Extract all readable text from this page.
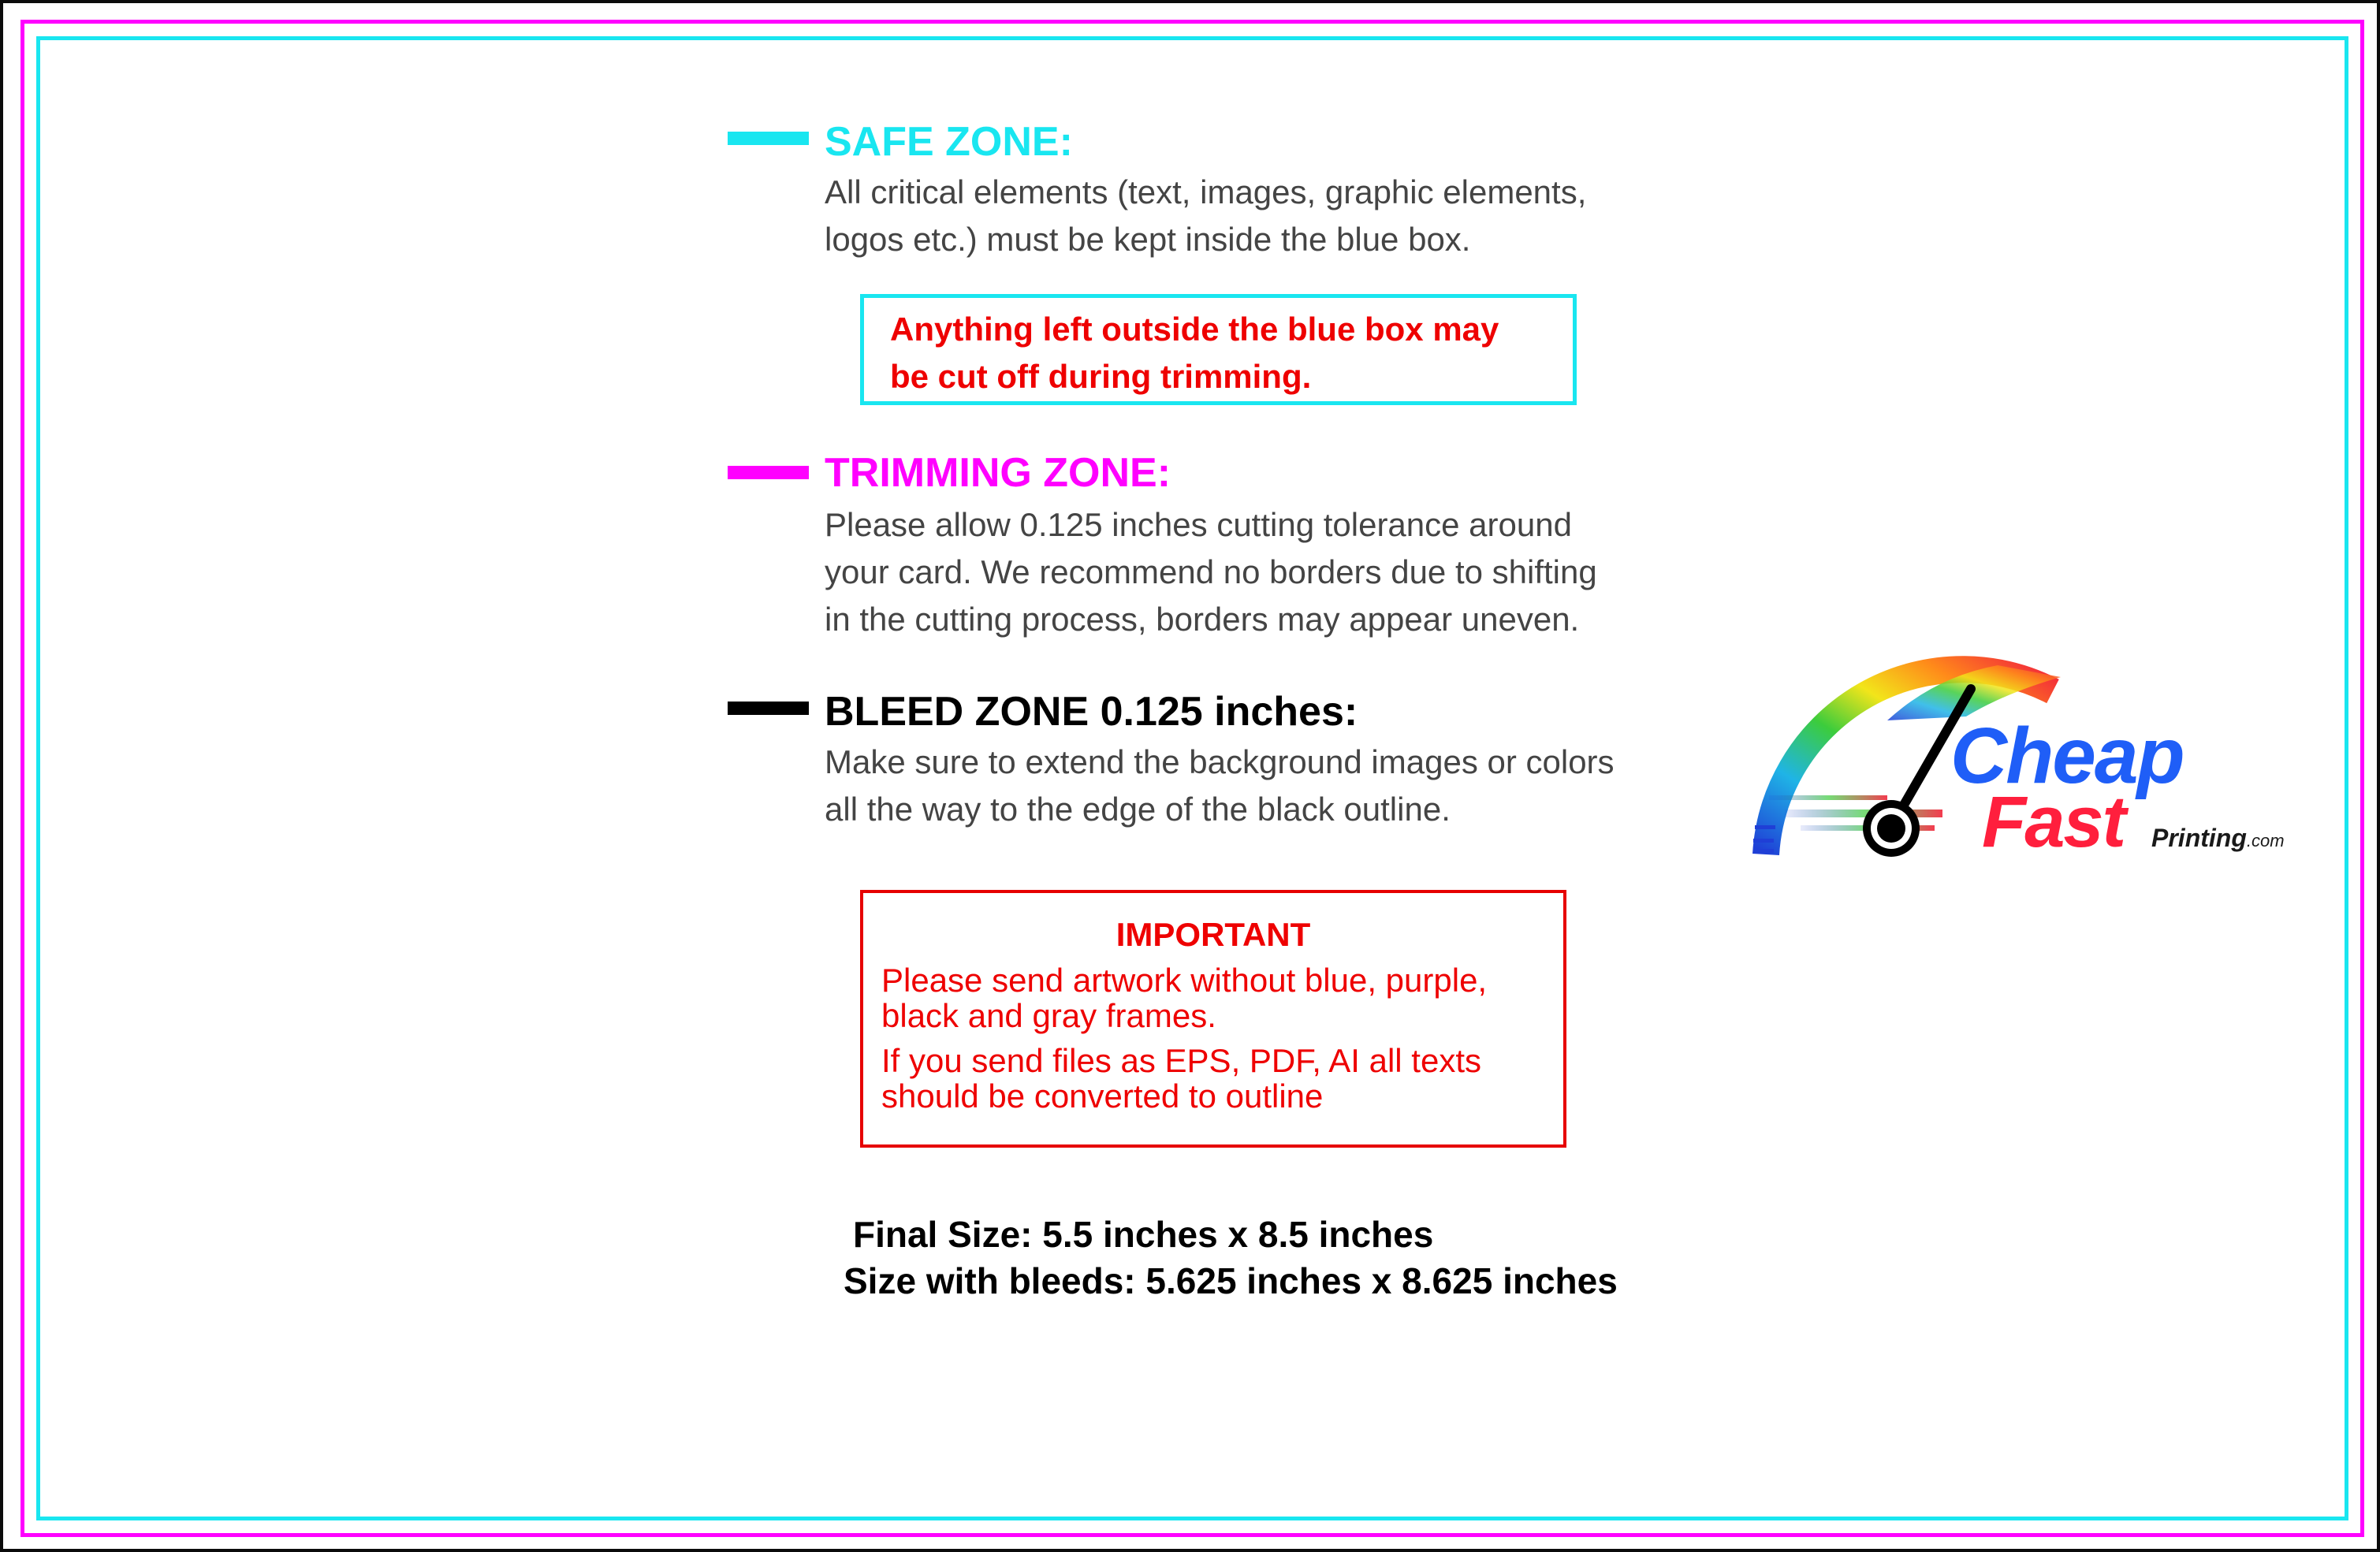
SAFE ZONE:
All critical elements (text, images, graphic elements,
logos etc.) must be kept inside the blue box.
Anything left outside the blue box may
be cut off during trimming.
TRIMMING ZONE:
Please allow 0.125 inches cutting tolerance around
your card. We recommend no borders due to shifting
in the cutting process, borders may appear uneven.
BLEED ZONE 0.125 inches:
Make sure to extend the background images or colors
all the way to the edge of the black outline.
IMPORTANT
Please send artwork without blue, purple,
black and gray frames.
If you send files as EPS, PDF, AI all texts
should be converted to outline
Final Size: 5.5 inches x 8.5 inches
Size with bleeds: 5.625 inches x 8.625 inches
Cheap
Fast Printing.com
